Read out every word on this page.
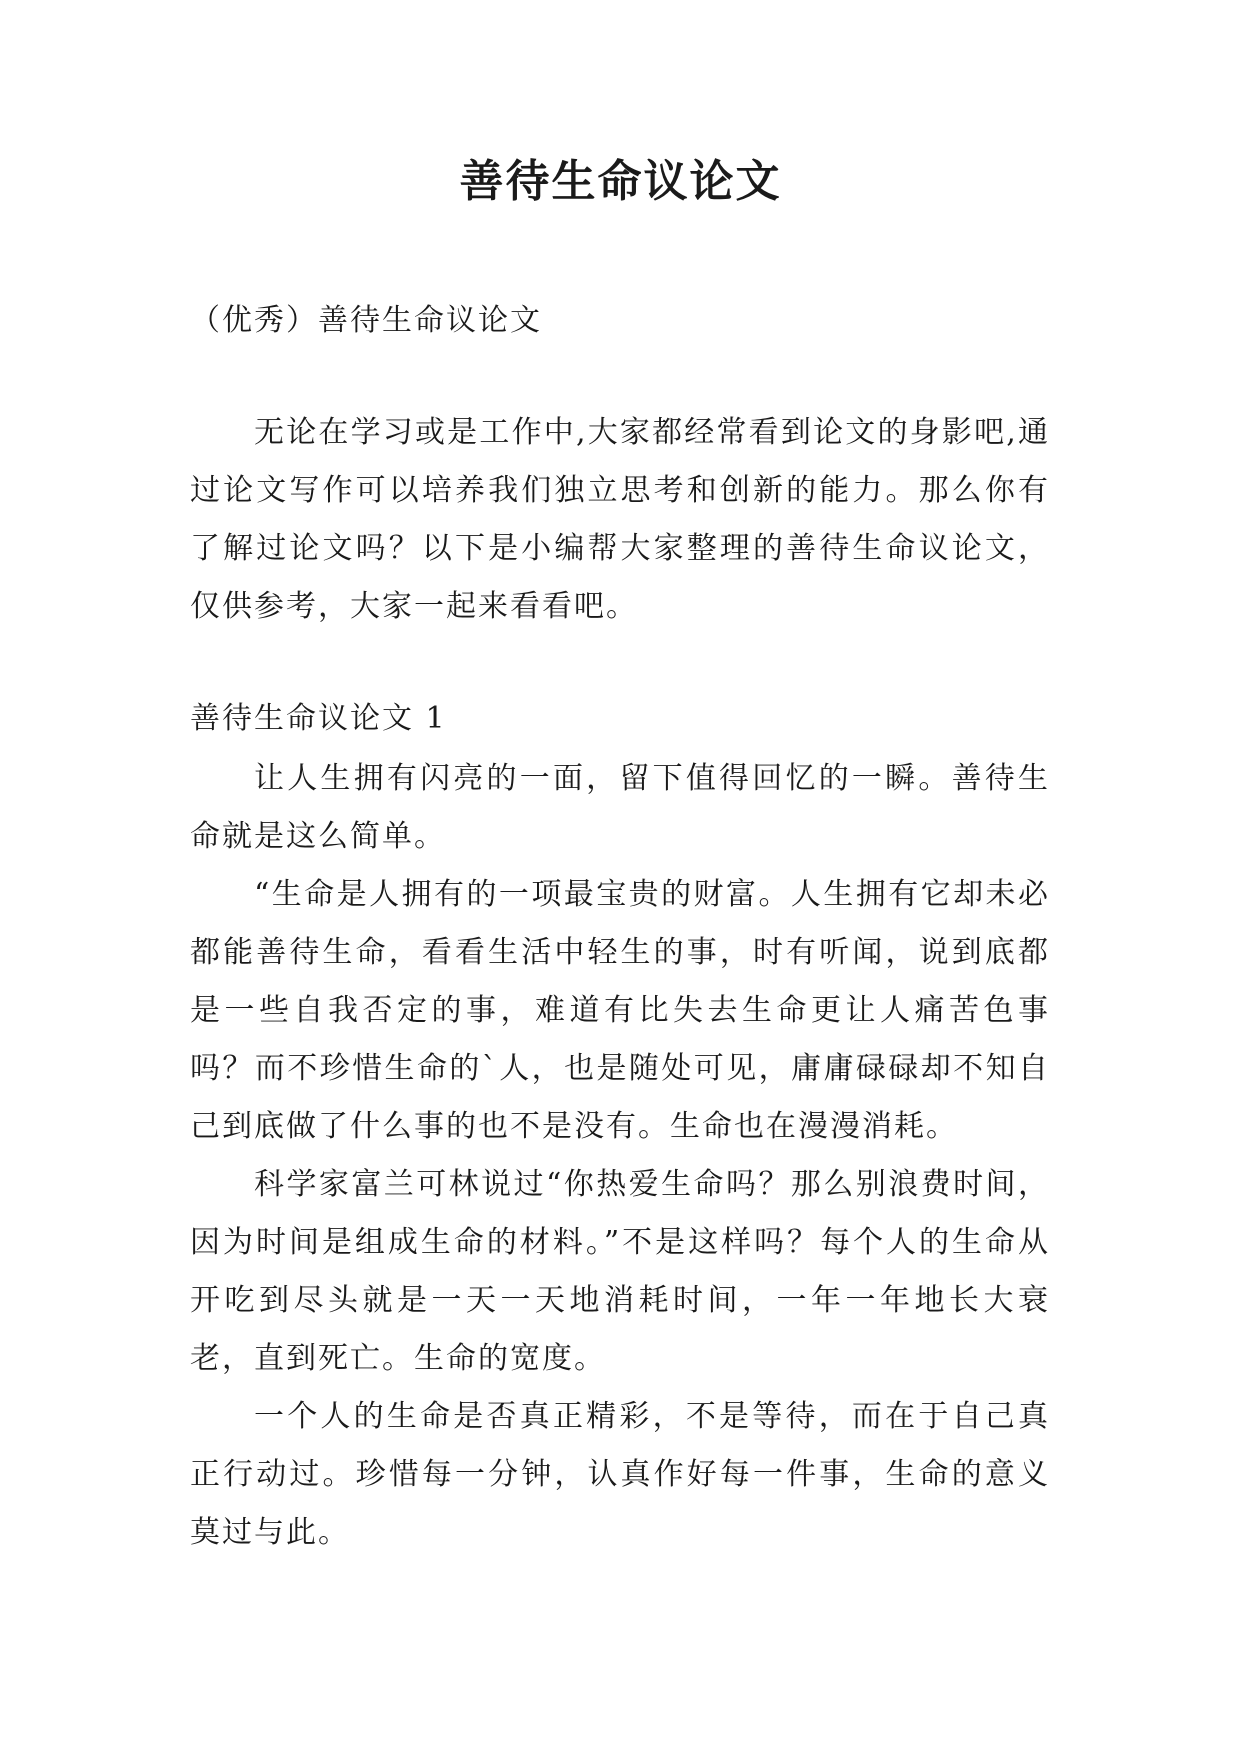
善待生命议论文

（优秀）善待生命议论文

无论在学习或是工作中,大家都经常看到论文的身影吧,通过论文写作可以培养我们独立思考和创新的能力。那么你有了解过论文吗？以下是小编帮大家整理的善待生命议论文，仅供参考，大家一起来看看吧。

善待生命议论文 1

让人生拥有闪亮的一面，留下值得回忆的一瞬。善待生命就是这么简单。

“生命是人拥有的一项最宝贵的财富。人生拥有它却未必都能善待生命，看看生活中轻生的事，时有听闻，说到底都是一些自我否定的事，难道有比失去生命更让人痛苦色事吗？而不珍惜生命的`人，也是随处可见，庸庸碌碌却不知自己到底做了什么事的也不是没有。生命也在漫漫消耗。

科学家富兰可林说过“你热爱生命吗？那么别浪费时间，因为时间是组成生命的材料。”不是这样吗？每个人的生命从开吃到尽头就是一天一天地消耗时间，一年一年地长大衰老，直到死亡。生命的宽度。

一个人的生命是否真正精彩，不是等待，而在于自己真正行动过。珍惜每一分钟，认真作好每一件事，生命的意义莫过与此。
